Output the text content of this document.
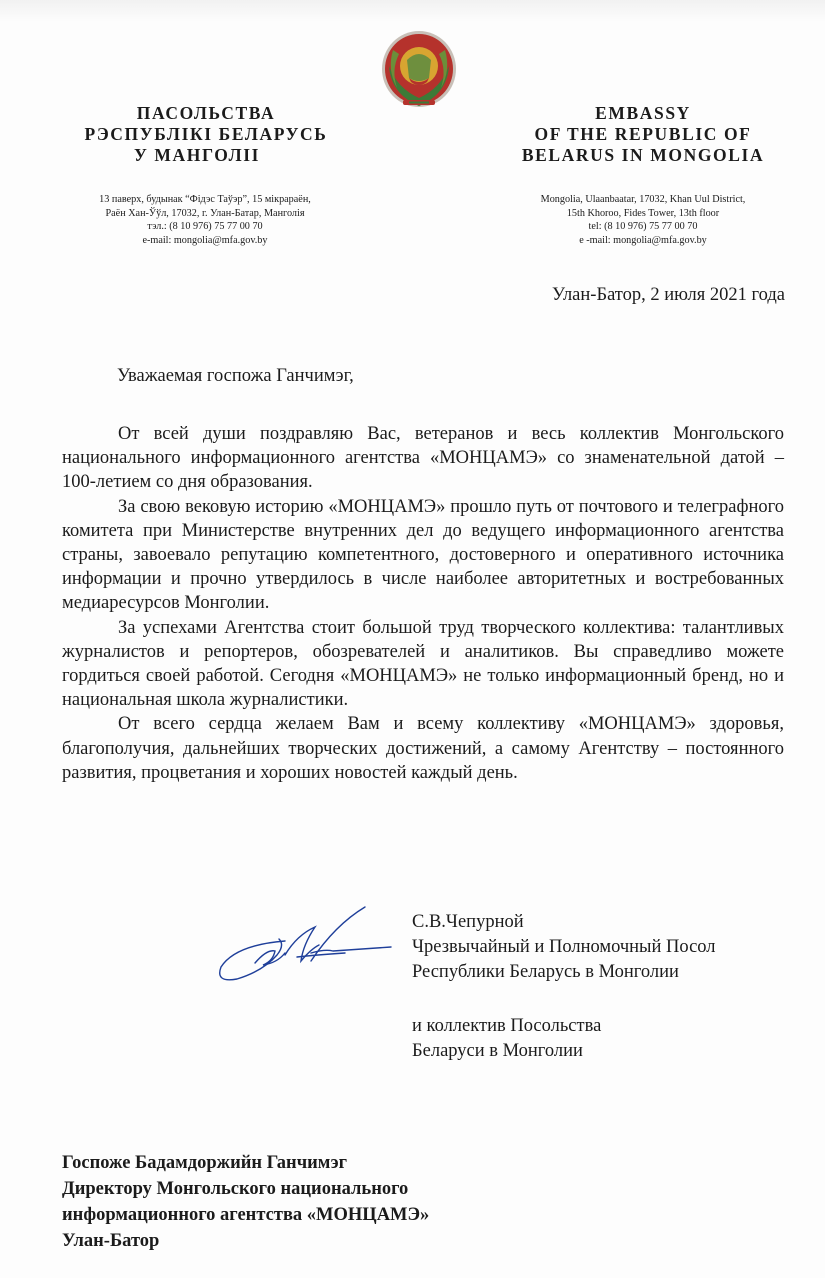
ПАСОЛЬСТВА
РЭСПУБЛІКІ БЕЛАРУСЬ
У МАНГОЛІІ
EMBASSY
OF THE REPUBLIC OF
BELARUS IN MONGOLIA
13 паверх, будынак “Фідэс Таўэр”, 15 мікрараён,
Раён Хан-Ўўл, 17032, г. Улан-Батар, Манголія
тэл.: (8 10 976) 75 77 00 70
e-mail: mongolia@mfa.gov.by
Mongolia, Ulaanbaatar, 17032, Khan Uul District,
15th Khoroo, Fides Tower, 13th floor
tel: (8 10 976) 75 77 00 70
e -mail: mongolia@mfa.gov.by
Улан-Батор, 2 июля 2021 года
Уважаемая госпожа Ганчимэг,

От всей души поздравляю Вас, ветеранов и весь коллектив Монгольского национального информационного агентства «МОНЦАМЭ» со знаменательной датой – 100-летием со дня образования.

За свою вековую историю «МОНЦАМЭ» прошло путь от почтового и телеграфного комитета при Министерстве внутренних дел до ведущего информационного агентства страны, завоевало репутацию компетентного, достоверного и оперативного источника информации и прочно утвердилось в числе наиболее авторитетных и востребованных медиаресурсов Монголии.

За успехами Агентства стоит большой труд творческого коллектива: талантливых журналистов и репортеров, обозревателей и аналитиков. Вы справедливо можете гордиться своей работой. Сегодня «МОНЦАМЭ» не только информационный бренд, но и национальная школа журналистики.

От всего сердца желаем Вам и всему коллективу «МОНЦАМЭ» здоровья, благополучия, дальнейших творческих достижений, а самому Агентству – постоянного развития, процветания и хороших новостей каждый день.

С.В.Чепурной
Чрезвычайный и Полномочный Посол
Республики Беларусь в Монголии
и коллектив Посольства
Беларуси в Монголии
Госпоже Бадамдоржийн Ганчимэг
Директору Монгольского национального
информационного агентства «МОНЦАМЭ»
Улан-Батор
